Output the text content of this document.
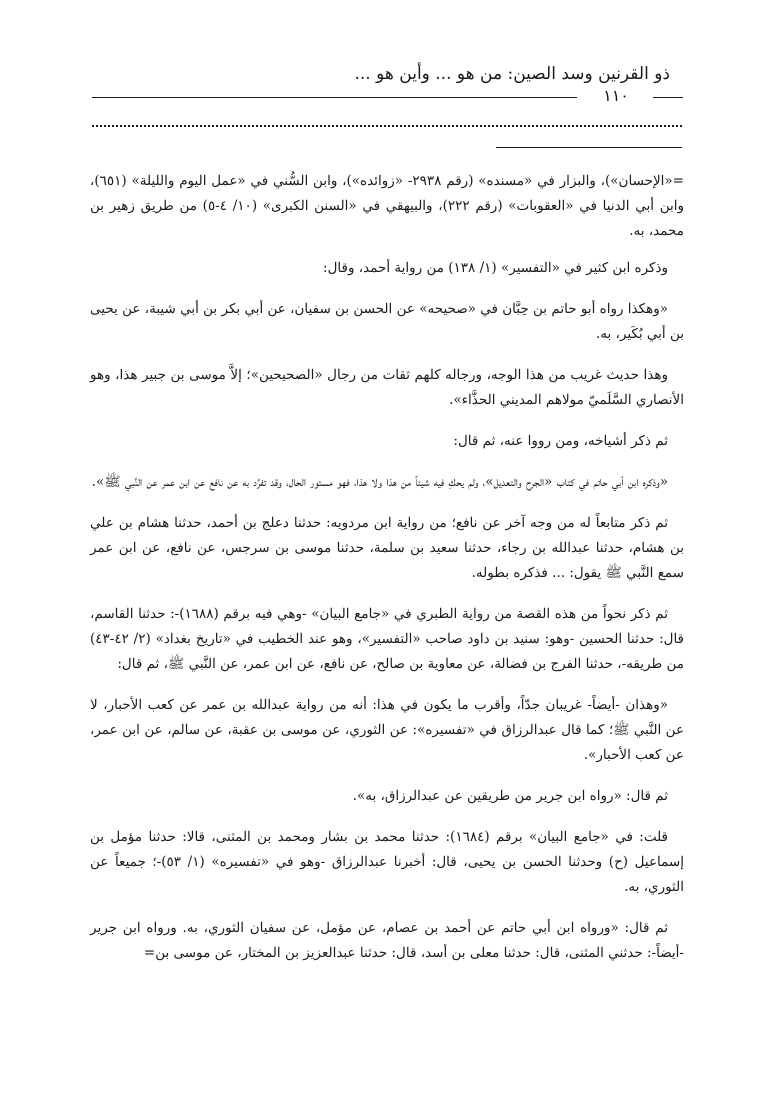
ذو القرنين وسد الصين: من هو ... وأين هو ...
١١٠

=«الإحسان»)، والبزار في «مسنده» (رقم ٢٩٣٨- «زوائده»)، وابن السُّني في «عمل اليوم والليلة» (٦٥١)، وابن أبي الدنيا في «العقوبات» (رقم ٢٢٢)، والبيهقي في «السنن الكبرى» (١٠/ ٤-٥) من طريق زهير بن محمد، به.

وذكره ابن كثير في «التفسير» (١/ ١٣٨) من رواية أحمد، وقال:

«وهكذا رواه أبو حاتم بن حِبَّان في «صحيحه» عن الحسن بن سفيان، عن أبي بكر بن أبي شيبة، عن يحيى بن أبي بُكَير، به.

وهذا حديث غريب من هذا الوجه، ورجاله كلهم ثقات من رجال «الصحيحين»؛ إلاَّ موسى بن جبير هذا، وهو الأنصاري السَّلَميّ مولاهم المديني الحذَّاء».

ثم ذكر أشياخه، ومن رووا عنه، ثم قال:

«وذكره ابن أبي حاتم في كتاب «الجرح والتعديل»، ولم يحكِ فيه شيئاً من هذا ولا هذا، فهو مستور الحال، وقد تفرَّد به عن نافع عن ابن عمر عن النَّبي ﷺ».

ثم ذكر متابعاً له من وجه آخر عن نافع؛ من رواية ابن مردويه: حدثنا دعلج بن أحمد، حدثنا هشام بن علي بن هشام، حدثنا عبدالله بن رجاء، حدثنا سعيد بن سلمة، حدثنا موسى بن سرجس، عن نافع، عن ابن عمر سمع النَّبي ﷺ يقول: ... فذكره بطوله.

ثم ذكر نحواً من هذه القصة من رواية الطبري في «جامع البيان» -وهي فيه برقم (١٦٨٨)-: حدثنا القاسم، قال: حدثنا الحسين -وهو: سنيد بن داود صاحب «التفسير»، وهو عند الخطيب في «تاريخ بغداد» (٢/ ٤٢-٤٣) من طريقه-، حدثنا الفرج بن فضالة، عن معاوية بن صالح، عن نافع، عن ابن عمر، عن النَّبي ﷺ، ثم قال:

«وهذان -أيضاً- غريبان جدّاً، وأقرب ما يكون في هذا: أنه من رواية عبدالله بن عمر عن كعب الأحبار، لا عن النَّبي ﷺ؛ كما قال عبدالرزاق في «تفسيره»: عن الثوري، عن موسى بن عقبة، عن سالم، عن ابن عمر، عن كعب الأحبار».

ثم قال: «رواه ابن جرير من طريقين عن عبدالرزاق، به».

قلت: في «جامع البيان» برقم (١٦٨٤): حدثنا محمد بن بشار ومحمد بن المثنى، قالا: حدثنا مؤمل بن إسماعيل (ح) وحدثنا الحسن بن يحيى، قال: أخبرنا عبدالرزاق -وهو في «تفسيره» (١/ ٥٣)-؛ جميعاً عن الثوري، به.

ثم قال: «ورواه ابن أبي حاتم عن أحمد بن عصام، عن مؤمل، عن سفيان الثوري، به. ورواه ابن جرير -أيضاً-: حدثني المثنى، قال: حدثنا معلى بن أسد، قال: حدثنا عبدالعزيز بن المختار، عن موسى بن=
